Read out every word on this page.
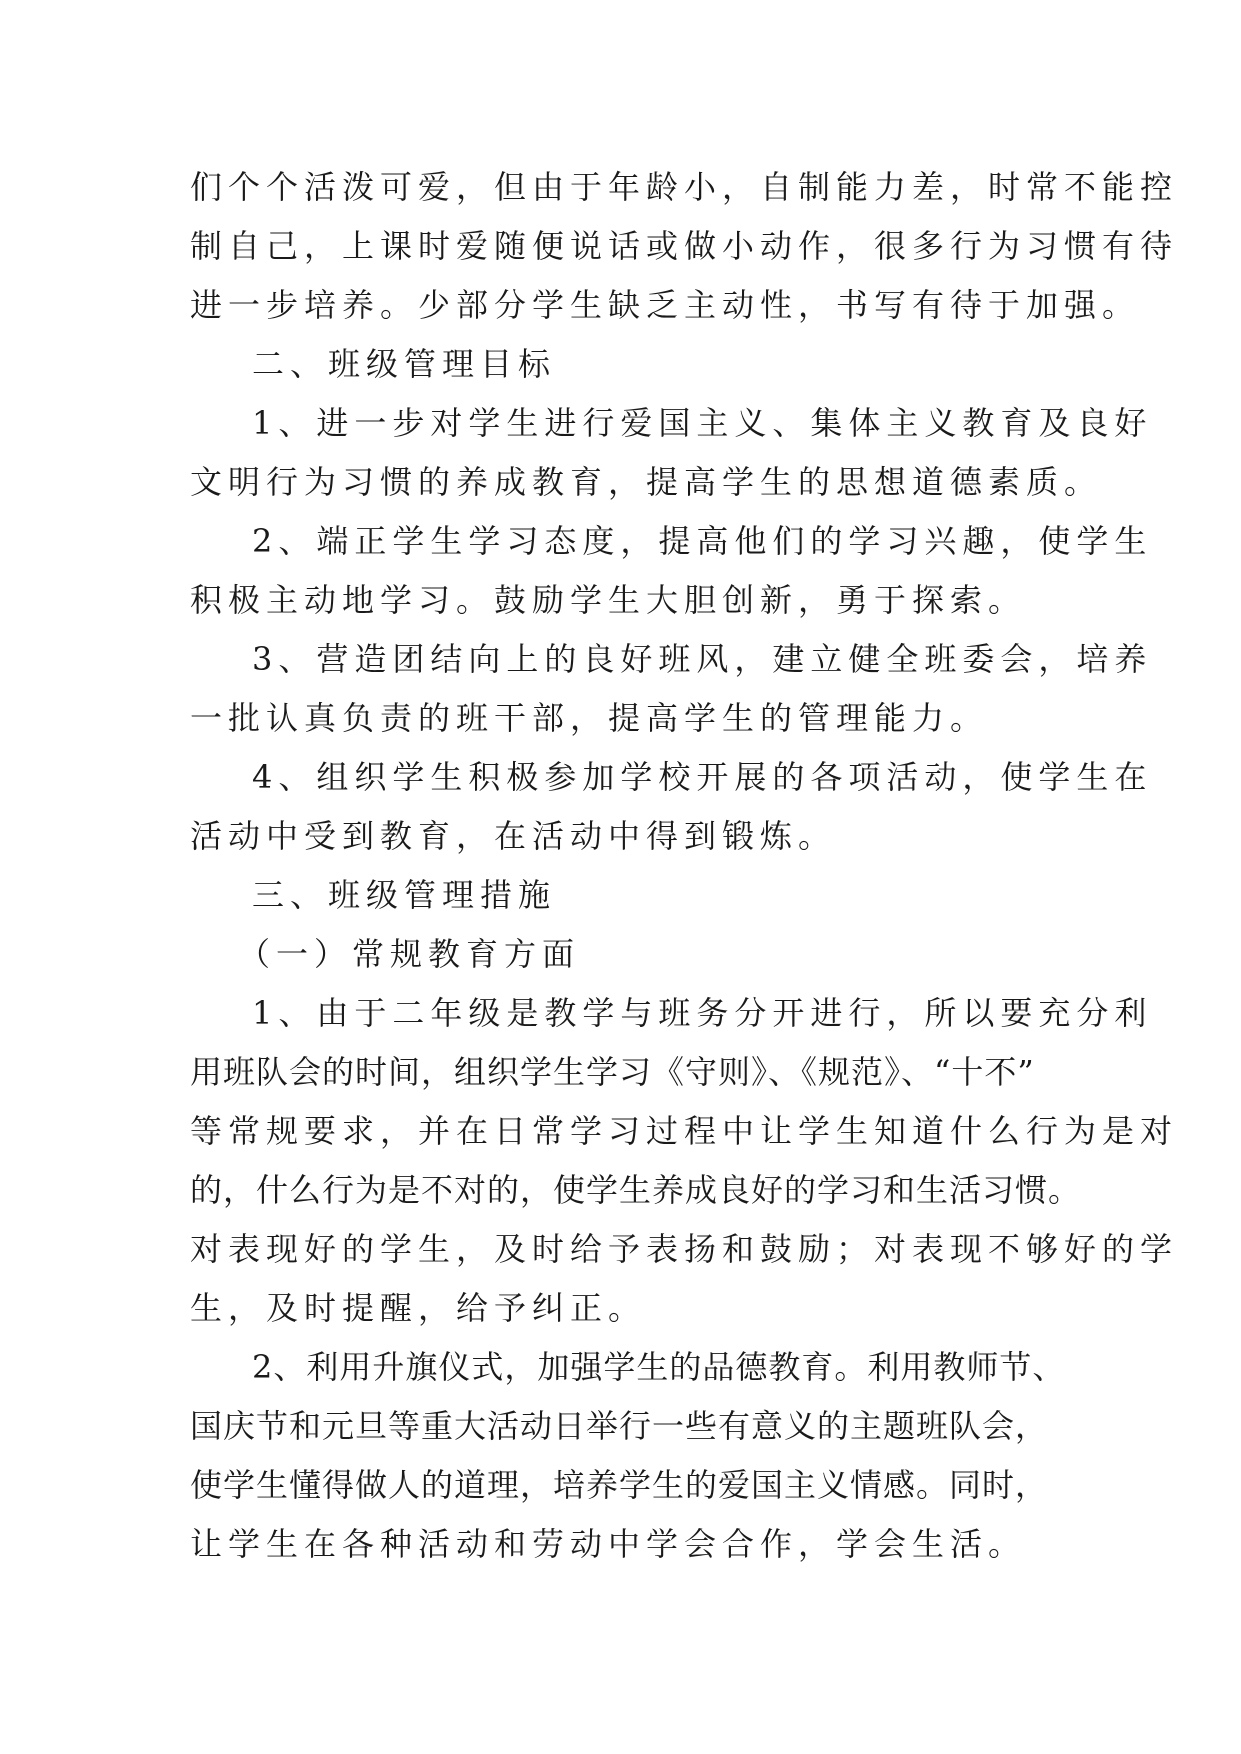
们个个活泼可爱，但由于年龄小，自制能力差，时常不能控
制自己，上课时爱随便说话或做小动作，很多行为习惯有待
进一步培养。少部分学生缺乏主动性，书写有待于加强。
二、班级管理目标
1、进一步对学生进行爱国主义、集体主义教育及良好
文明行为习惯的养成教育，提高学生的思想道德素质。
2、端正学生学习态度，提高他们的学习兴趣，使学生
积极主动地学习。鼓励学生大胆创新，勇于探索。
3、营造团结向上的良好班风，建立健全班委会，培养
一批认真负责的班干部，提高学生的管理能力。
4、组织学生积极参加学校开展的各项活动，使学生在
活动中受到教育，在活动中得到锻炼。
三、班级管理措施
（一）常规教育方面
1、由于二年级是教学与班务分开进行，所以要充分利
用班队会的时间，组织学生学习《守则》、《规范》、“十不”
等常规要求，并在日常学习过程中让学生知道什么行为是对
的，什么行为是不对的，使学生养成良好的学习和生活习惯。
对表现好的学生，及时给予表扬和鼓励；对表现不够好的学
生，及时提醒，给予纠正。
2、利用升旗仪式，加强学生的品德教育。利用教师节、
国庆节和元旦等重大活动日举行一些有意义的主题班队会，
使学生懂得做人的道理，培养学生的爱国主义情感。同时，
让学生在各种活动和劳动中学会合作，学会生活。
